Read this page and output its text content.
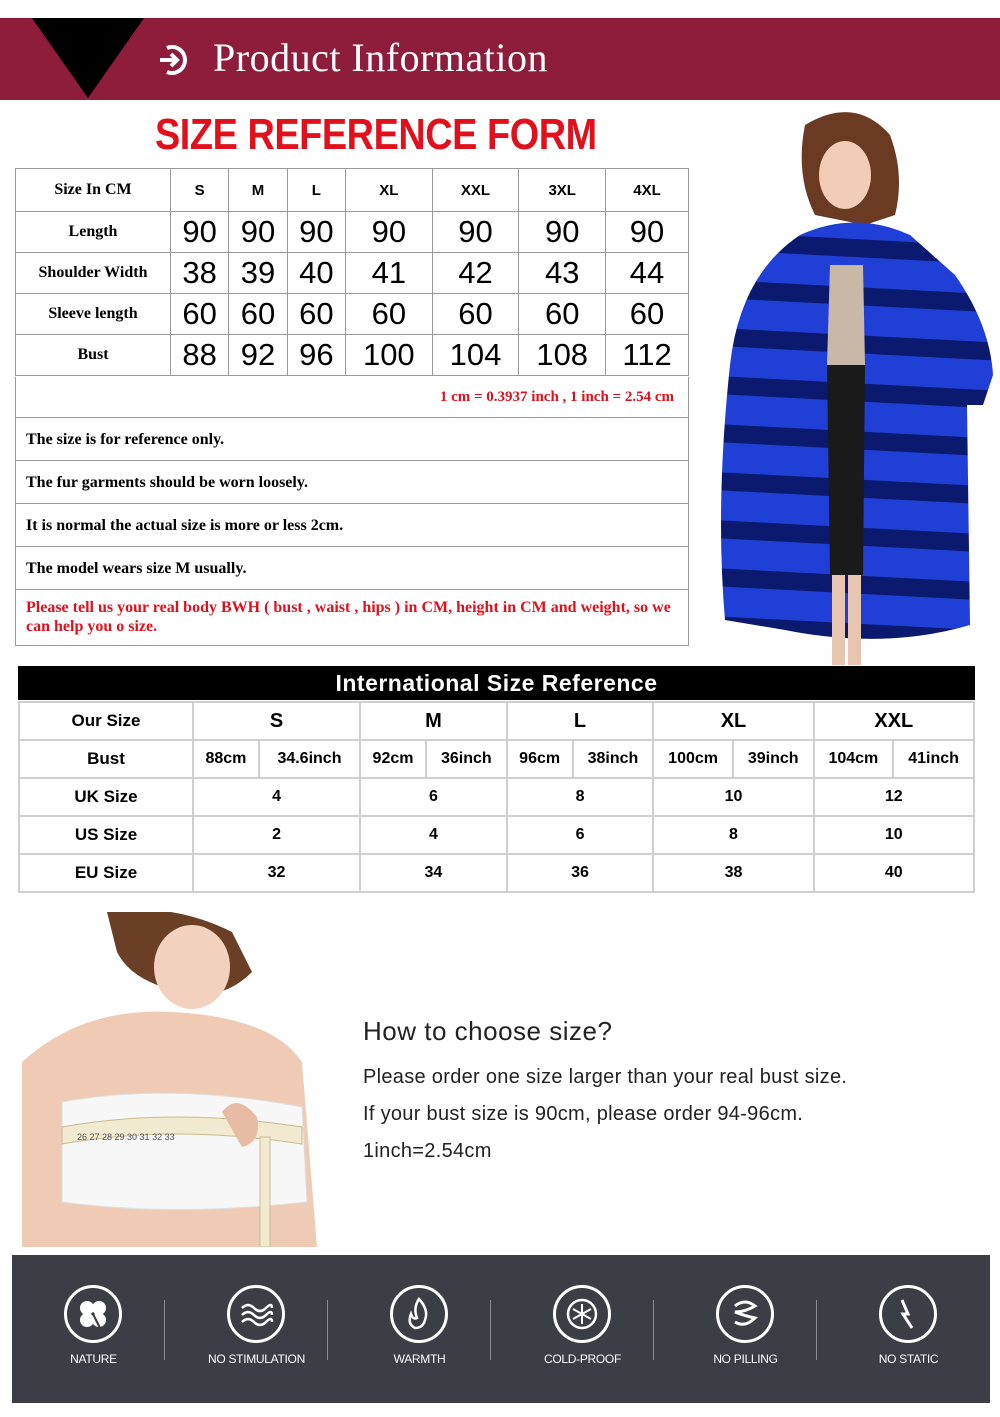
Product Information
SIZE REFERENCE FORM
Size In CM	S	M	L	XL	XXL	3XL	4XL
Length	90	90	90	90	90	90	90
Shoulder Width	38	39	40	41	42	43	44
Sleeve length	60	60	60	60	60	60	60
Bust	88	92	96	100	104	108	112
1 cm = 0.3937 inch , 1 inch = 2.54 cm
The size is for reference only.
The fur garments should be worn loosely.
It is normal the actual size is more or less 2cm.
The model wears size M usually.
Please tell us your real body BWH ( bust , waist , hips ) in CM, height in CM and weight, so we can help you o size.
International Size Reference
Our Size	S		M		L		XL		XXL	
Bust	88cm	34.6inch	92cm	36inch	96cm	38inch	100cm	39inch	104cm	41inch
UK Size	4		6		8		10		12	
US Size	2		4		6		8		10	
EU Size	32		34		36		38		40	
26 27 28 29 30 31 32 33
How to choose size?
Please order one size larger than your real bust size.
If your bust size is 90cm, please order 94-96cm.
1inch=2.54cm
NATURE	NO STIMULATION	WARMTH	COLD-PROOF	NO PILLING	NO STATIC
